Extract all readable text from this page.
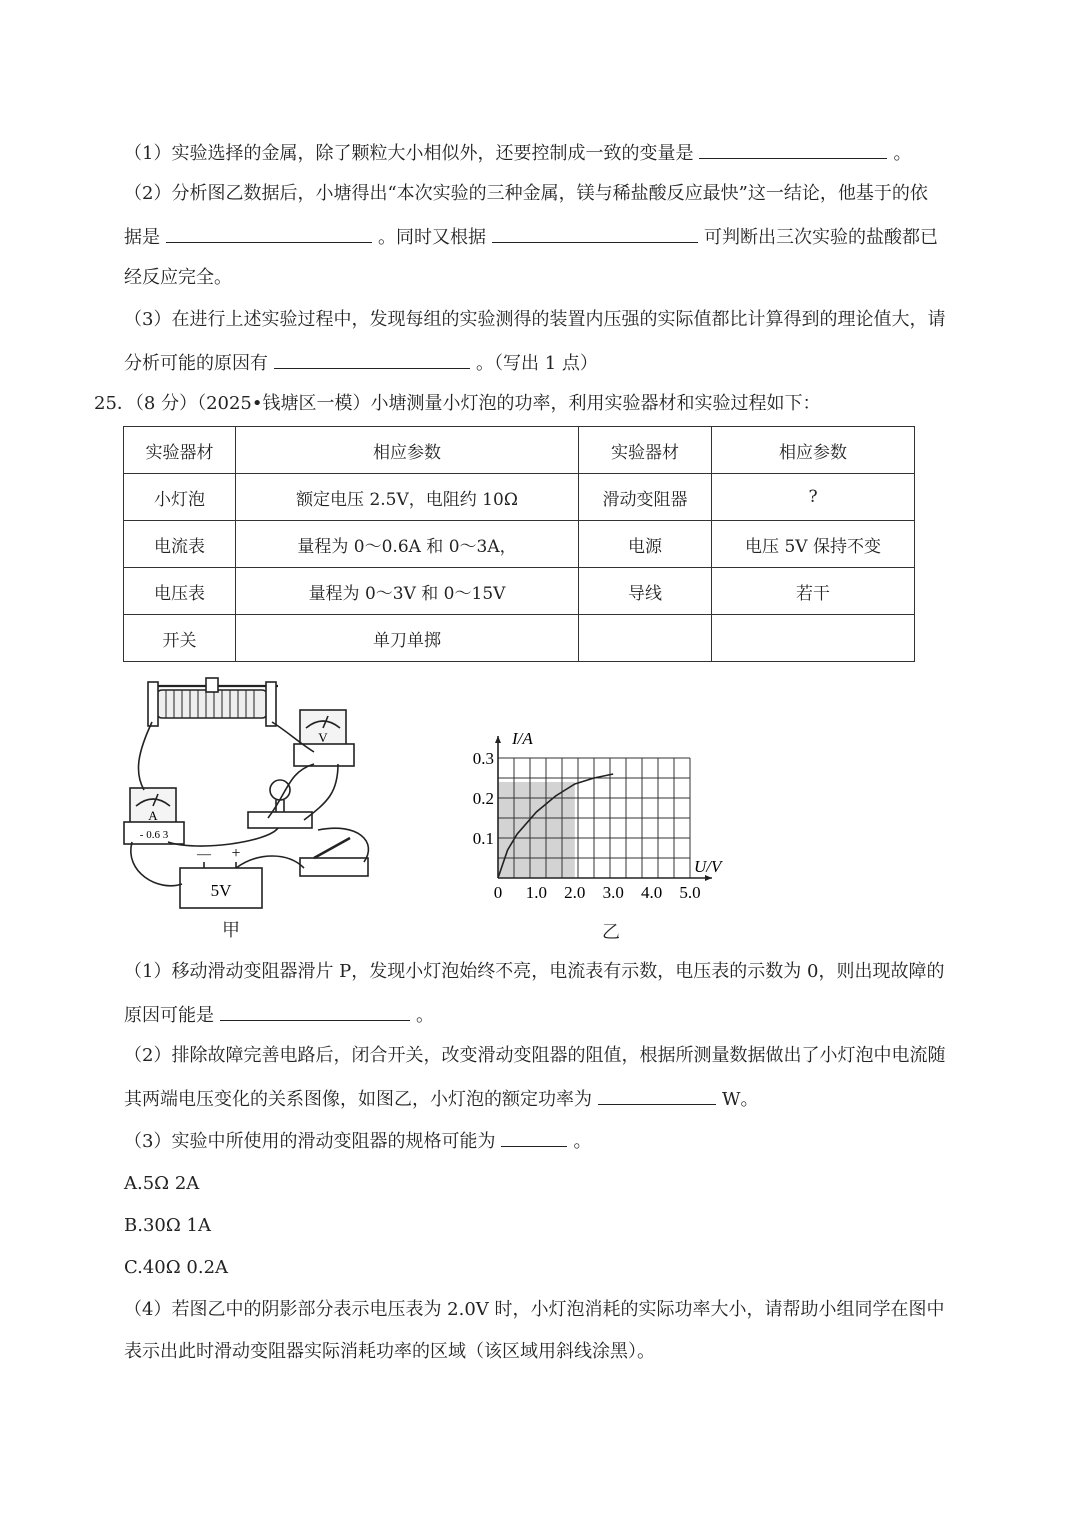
（1）实验选择的金属，除了颗粒大小相似外，还要控制成一致的变量是	。
（2）分析图乙数据后，小塘得出“本次实验的三种金属，镁与稀盐酸反应最快”这一结论，他基于的依
据是	。同时又根据	可判断出三次实验的盐酸都已
经反应完全。
（3）在进行上述实验过程中，发现每组的实验测得的装置内压强的实际值都比计算得到的理论值大，请
分析可能的原因有	。（写出 1 点）
25．（8 分）（2025•钱塘区一模）小塘测量小灯泡的功率，利用实验器材和实验过程如下：
实验器材	相应参数	实验器材	相应参数
小灯泡	额定电压 2.5V，电阻约 10Ω	滑动变阻器	?
电流表	量程为 0～0.6A 和 0～3A，	电源	电压 5V 保持不变
电压表	量程为 0～3V 和 0～15V	导线	若干
开关	单刀单掷		
A
- 0.6 3
V
5V
— +
甲
0 1.0 2.0 3.0 4.0 5.0
0.1
0.2
0.3
I/A
U/V
乙
（1）移动滑动变阻器滑片 P，发现小灯泡始终不亮，电流表有示数，电压表的示数为 0，则出现故障的
原因可能是	。
（2）排除故障完善电路后，闭合开关，改变滑动变阻器的阻值，根据所测量数据做出了小灯泡中电流随
其两端电压变化的关系图像，如图乙，小灯泡的额定功率为	W。
（3）实验中所使用的滑动变阻器的规格可能为	。
A.5Ω 2A
B.30Ω 1A
C.40Ω 0.2A
（4）若图乙中的阴影部分表示电压表为 2.0V 时，小灯泡消耗的实际功率大小，请帮助小组同学在图中
表示出此时滑动变阻器实际消耗功率的区域（该区域用斜线涂黑）。
